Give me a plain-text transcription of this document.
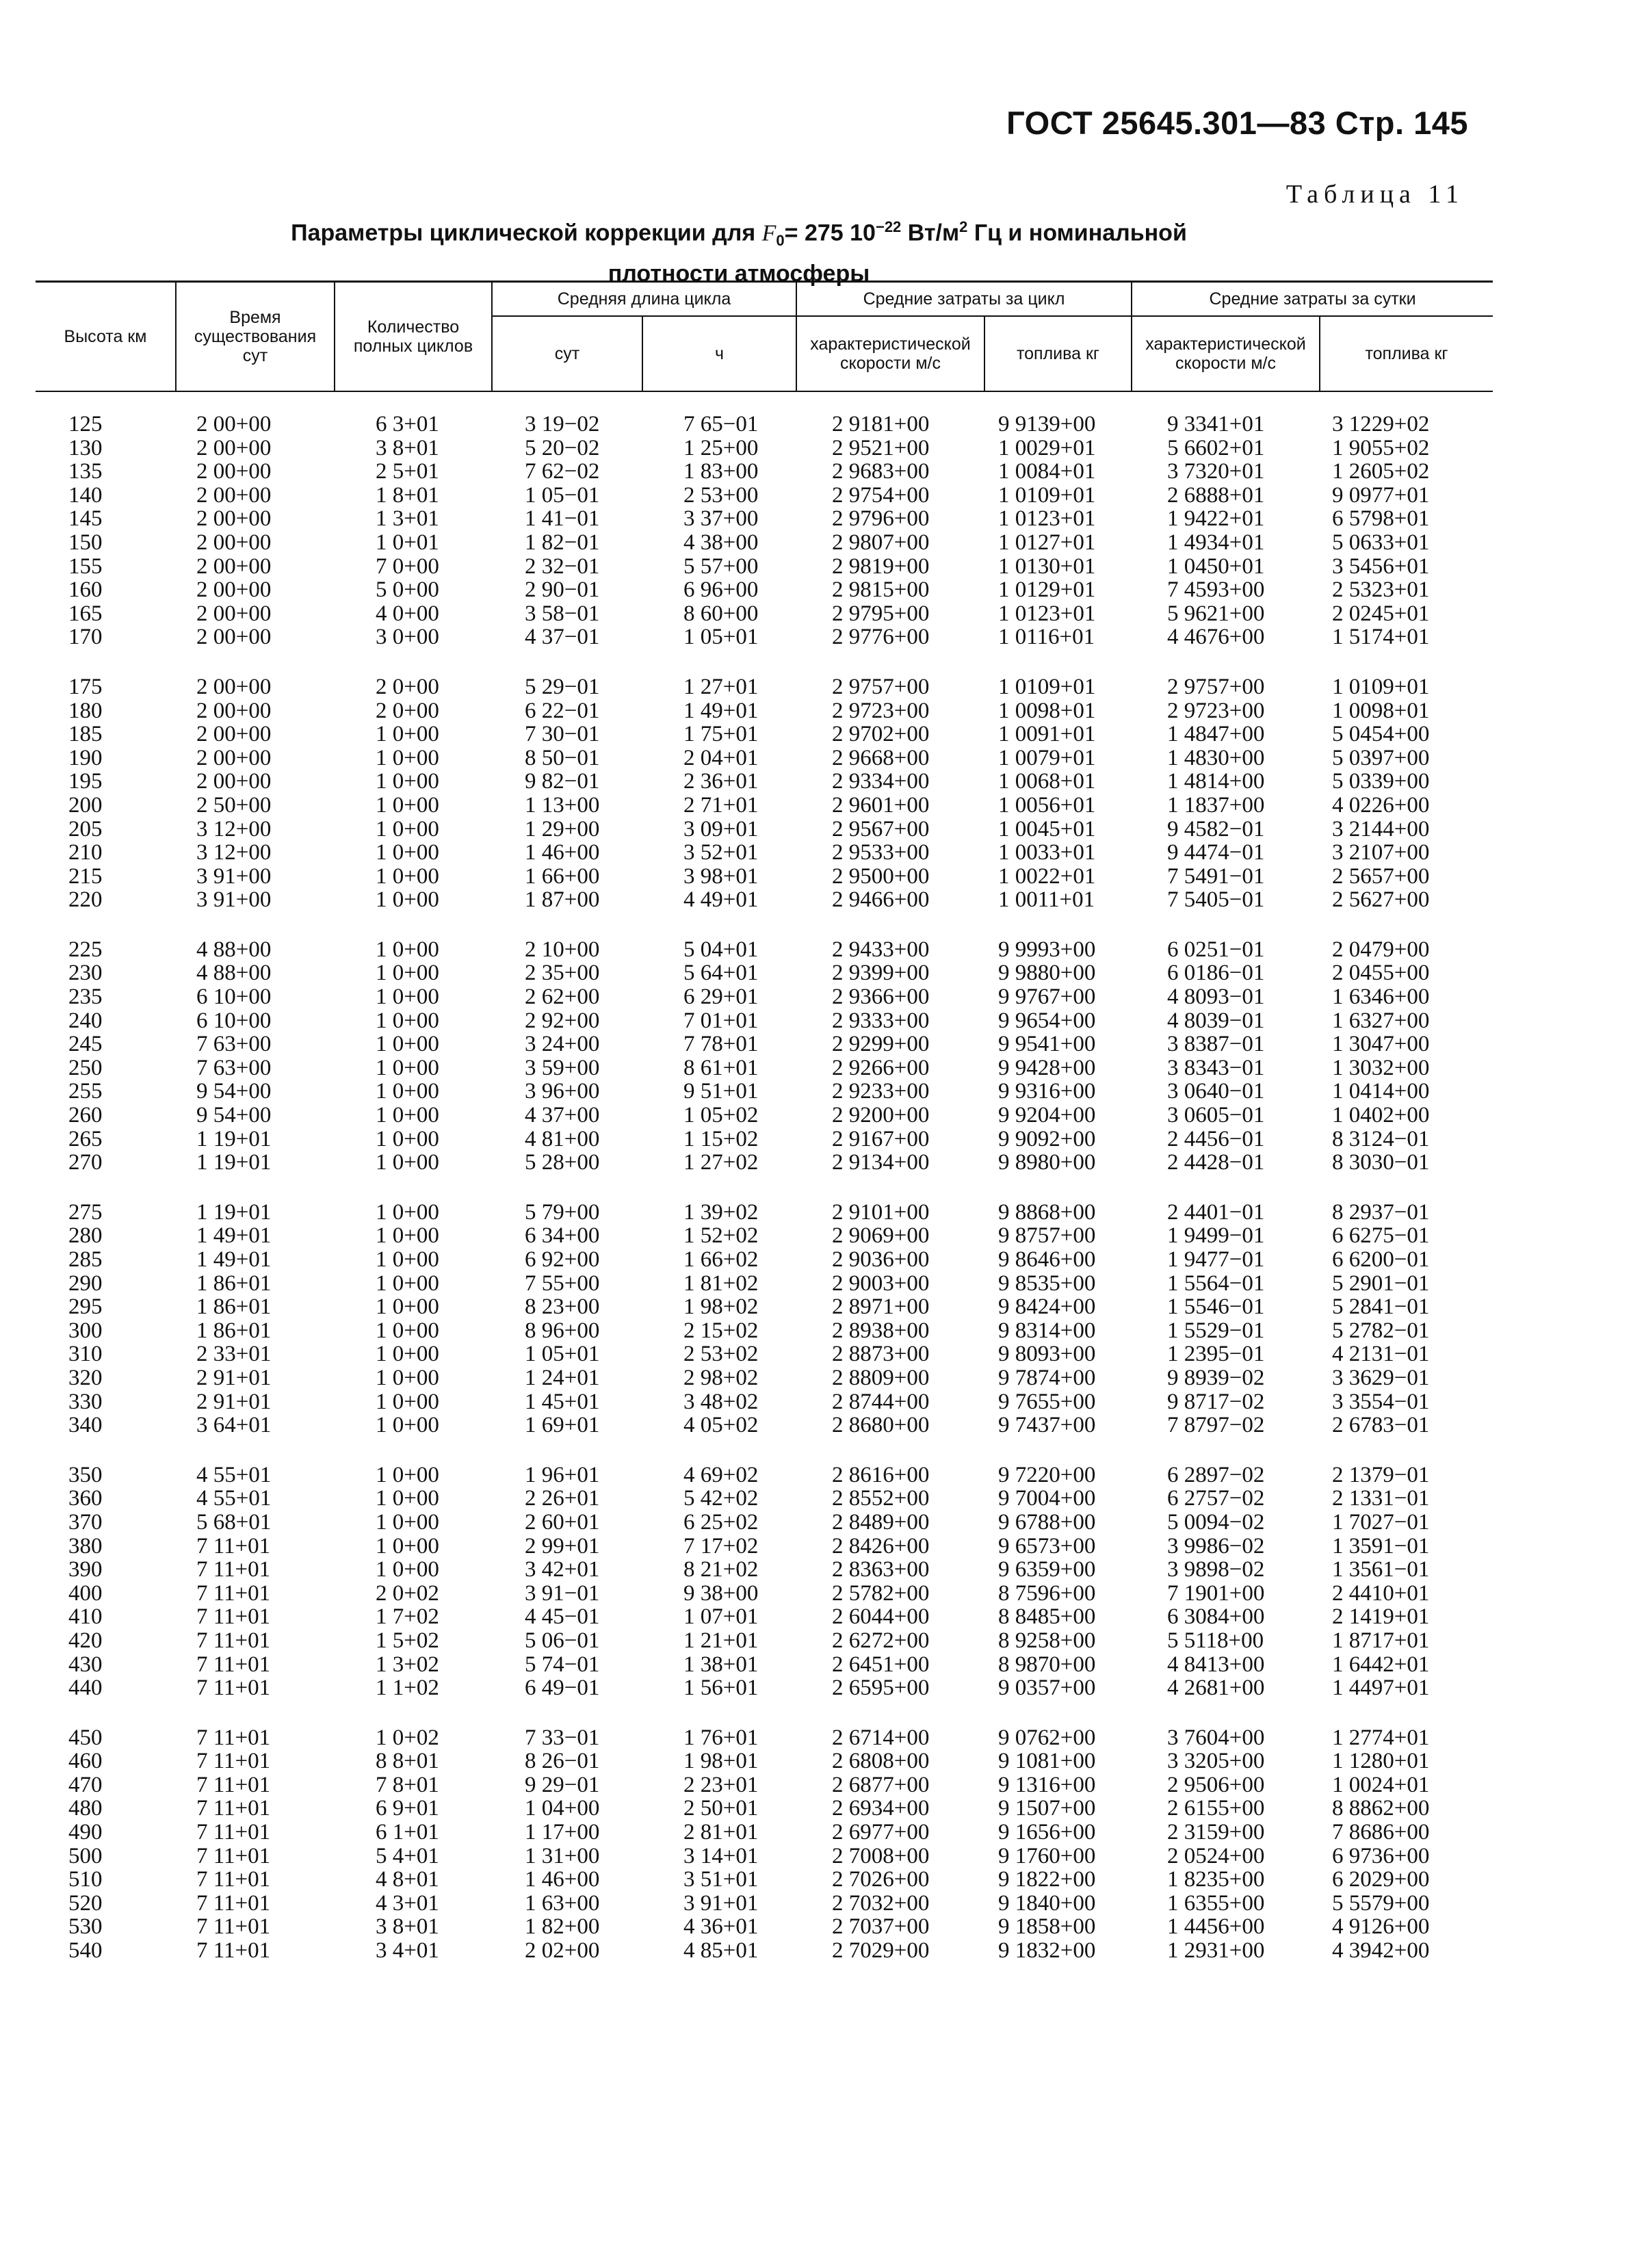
ГОСТ 25645.301—83 Стр. 145
Таблица 11
Параметры циклической коррекции для $F_0= 275$ $10^{-22}$ $Вт/м^2$ Гц и номинальной
плотности атмосферы
Высота км	Время существования сут	Количество полных циклов	Средняя длина цикла		Средние затраты за цикл		Средние затраты за сутки	
			сут	ч	характеристической скорости м/с	топлива кг	характеристической скорости м/с	топлива кг

125	2 00+00	6 3+01	3 19−02	7 65−01	2 9181+00	9 9139+00	9 3341+01	3 1229+02
130	2 00+00	3 8+01	5 20−02	1 25+00	2 9521+00	1 0029+01	5 6602+01	1 9055+02
135	2 00+00	2 5+01	7 62−02	1 83+00	2 9683+00	1 0084+01	3 7320+01	1 2605+02
140	2 00+00	1 8+01	1 05−01	2 53+00	2 9754+00	1 0109+01	2 6888+01	9 0977+01
145	2 00+00	1 3+01	1 41−01	3 37+00	2 9796+00	1 0123+01	1 9422+01	6 5798+01
150	2 00+00	1 0+01	1 82−01	4 38+00	2 9807+00	1 0127+01	1 4934+01	5 0633+01
155	2 00+00	7 0+00	2 32−01	5 57+00	2 9819+00	1 0130+01	1 0450+01	3 5456+01
160	2 00+00	5 0+00	2 90−01	6 96+00	2 9815+00	1 0129+01	7 4593+00	2 5323+01
165	2 00+00	4 0+00	3 58−01	8 60+00	2 9795+00	1 0123+01	5 9621+00	2 0245+01
170	2 00+00	3 0+00	4 37−01	1 05+01	2 9776+00	1 0116+01	4 4676+00	1 5174+01

175	2 00+00	2 0+00	5 29−01	1 27+01	2 9757+00	1 0109+01	2 9757+00	1 0109+01
180	2 00+00	2 0+00	6 22−01	1 49+01	2 9723+00	1 0098+01	2 9723+00	1 0098+01
185	2 00+00	1 0+00	7 30−01	1 75+01	2 9702+00	1 0091+01	1 4847+00	5 0454+00
190	2 00+00	1 0+00	8 50−01	2 04+01	2 9668+00	1 0079+01	1 4830+00	5 0397+00
195	2 00+00	1 0+00	9 82−01	2 36+01	2 9334+00	1 0068+01	1 4814+00	5 0339+00
200	2 50+00	1 0+00	1 13+00	2 71+01	2 9601+00	1 0056+01	1 1837+00	4 0226+00
205	3 12+00	1 0+00	1 29+00	3 09+01	2 9567+00	1 0045+01	9 4582−01	3 2144+00
210	3 12+00	1 0+00	1 46+00	3 52+01	2 9533+00	1 0033+01	9 4474−01	3 2107+00
215	3 91+00	1 0+00	1 66+00	3 98+01	2 9500+00	1 0022+01	7 5491−01	2 5657+00
220	3 91+00	1 0+00	1 87+00	4 49+01	2 9466+00	1 0011+01	7 5405−01	2 5627+00

225	4 88+00	1 0+00	2 10+00	5 04+01	2 9433+00	9 9993+00	6 0251−01	2 0479+00
230	4 88+00	1 0+00	2 35+00	5 64+01	2 9399+00	9 9880+00	6 0186−01	2 0455+00
235	6 10+00	1 0+00	2 62+00	6 29+01	2 9366+00	9 9767+00	4 8093−01	1 6346+00
240	6 10+00	1 0+00	2 92+00	7 01+01	2 9333+00	9 9654+00	4 8039−01	1 6327+00
245	7 63+00	1 0+00	3 24+00	7 78+01	2 9299+00	9 9541+00	3 8387−01	1 3047+00
250	7 63+00	1 0+00	3 59+00	8 61+01	2 9266+00	9 9428+00	3 8343−01	1 3032+00
255	9 54+00	1 0+00	3 96+00	9 51+01	2 9233+00	9 9316+00	3 0640−01	1 0414+00
260	9 54+00	1 0+00	4 37+00	1 05+02	2 9200+00	9 9204+00	3 0605−01	1 0402+00
265	1 19+01	1 0+00	4 81+00	1 15+02	2 9167+00	9 9092+00	2 4456−01	8 3124−01
270	1 19+01	1 0+00	5 28+00	1 27+02	2 9134+00	9 8980+00	2 4428−01	8 3030−01

275	1 19+01	1 0+00	5 79+00	1 39+02	2 9101+00	9 8868+00	2 4401−01	8 2937−01
280	1 49+01	1 0+00	6 34+00	1 52+02	2 9069+00	9 8757+00	1 9499−01	6 6275−01
285	1 49+01	1 0+00	6 92+00	1 66+02	2 9036+00	9 8646+00	1 9477−01	6 6200−01
290	1 86+01	1 0+00	7 55+00	1 81+02	2 9003+00	9 8535+00	1 5564−01	5 2901−01
295	1 86+01	1 0+00	8 23+00	1 98+02	2 8971+00	9 8424+00	1 5546−01	5 2841−01
300	1 86+01	1 0+00	8 96+00	2 15+02	2 8938+00	9 8314+00	1 5529−01	5 2782−01
310	2 33+01	1 0+00	1 05+01	2 53+02	2 8873+00	9 8093+00	1 2395−01	4 2131−01
320	2 91+01	1 0+00	1 24+01	2 98+02	2 8809+00	9 7874+00	9 8939−02	3 3629−01
330	2 91+01	1 0+00	1 45+01	3 48+02	2 8744+00	9 7655+00	9 8717−02	3 3554−01
340	3 64+01	1 0+00	1 69+01	4 05+02	2 8680+00	9 7437+00	7 8797−02	2 6783−01

350	4 55+01	1 0+00	1 96+01	4 69+02	2 8616+00	9 7220+00	6 2897−02	2 1379−01
360	4 55+01	1 0+00	2 26+01	5 42+02	2 8552+00	9 7004+00	6 2757−02	2 1331−01
370	5 68+01	1 0+00	2 60+01	6 25+02	2 8489+00	9 6788+00	5 0094−02	1 7027−01
380	7 11+01	1 0+00	2 99+01	7 17+02	2 8426+00	9 6573+00	3 9986−02	1 3591−01
390	7 11+01	1 0+00	3 42+01	8 21+02	2 8363+00	9 6359+00	3 9898−02	1 3561−01
400	7 11+01	2 0+02	3 91−01	9 38+00	2 5782+00	8 7596+00	7 1901+00	2 4410+01
410	7 11+01	1 7+02	4 45−01	1 07+01	2 6044+00	8 8485+00	6 3084+00	2 1419+01
420	7 11+01	1 5+02	5 06−01	1 21+01	2 6272+00	8 9258+00	5 5118+00	1 8717+01
430	7 11+01	1 3+02	5 74−01	1 38+01	2 6451+00	8 9870+00	4 8413+00	1 6442+01
440	7 11+01	1 1+02	6 49−01	1 56+01	2 6595+00	9 0357+00	4 2681+00	1 4497+01

450	7 11+01	1 0+02	7 33−01	1 76+01	2 6714+00	9 0762+00	3 7604+00	1 2774+01
460	7 11+01	8 8+01	8 26−01	1 98+01	2 6808+00	9 1081+00	3 3205+00	1 1280+01
470	7 11+01	7 8+01	9 29−01	2 23+01	2 6877+00	9 1316+00	2 9506+00	1 0024+01
480	7 11+01	6 9+01	1 04+00	2 50+01	2 6934+00	9 1507+00	2 6155+00	8 8862+00
490	7 11+01	6 1+01	1 17+00	2 81+01	2 6977+00	9 1656+00	2 3159+00	7 8686+00
500	7 11+01	5 4+01	1 31+00	3 14+01	2 7008+00	9 1760+00	2 0524+00	6 9736+00
510	7 11+01	4 8+01	1 46+00	3 51+01	2 7026+00	9 1822+00	1 8235+00	6 2029+00
520	7 11+01	4 3+01	1 63+00	3 91+01	2 7032+00	9 1840+00	1 6355+00	5 5579+00
530	7 11+01	3 8+01	1 82+00	4 36+01	2 7037+00	9 1858+00	1 4456+00	4 9126+00
540	7 11+01	3 4+01	2 02+00	4 85+01	2 7029+00	9 1832+00	1 2931+00	4 3942+00
